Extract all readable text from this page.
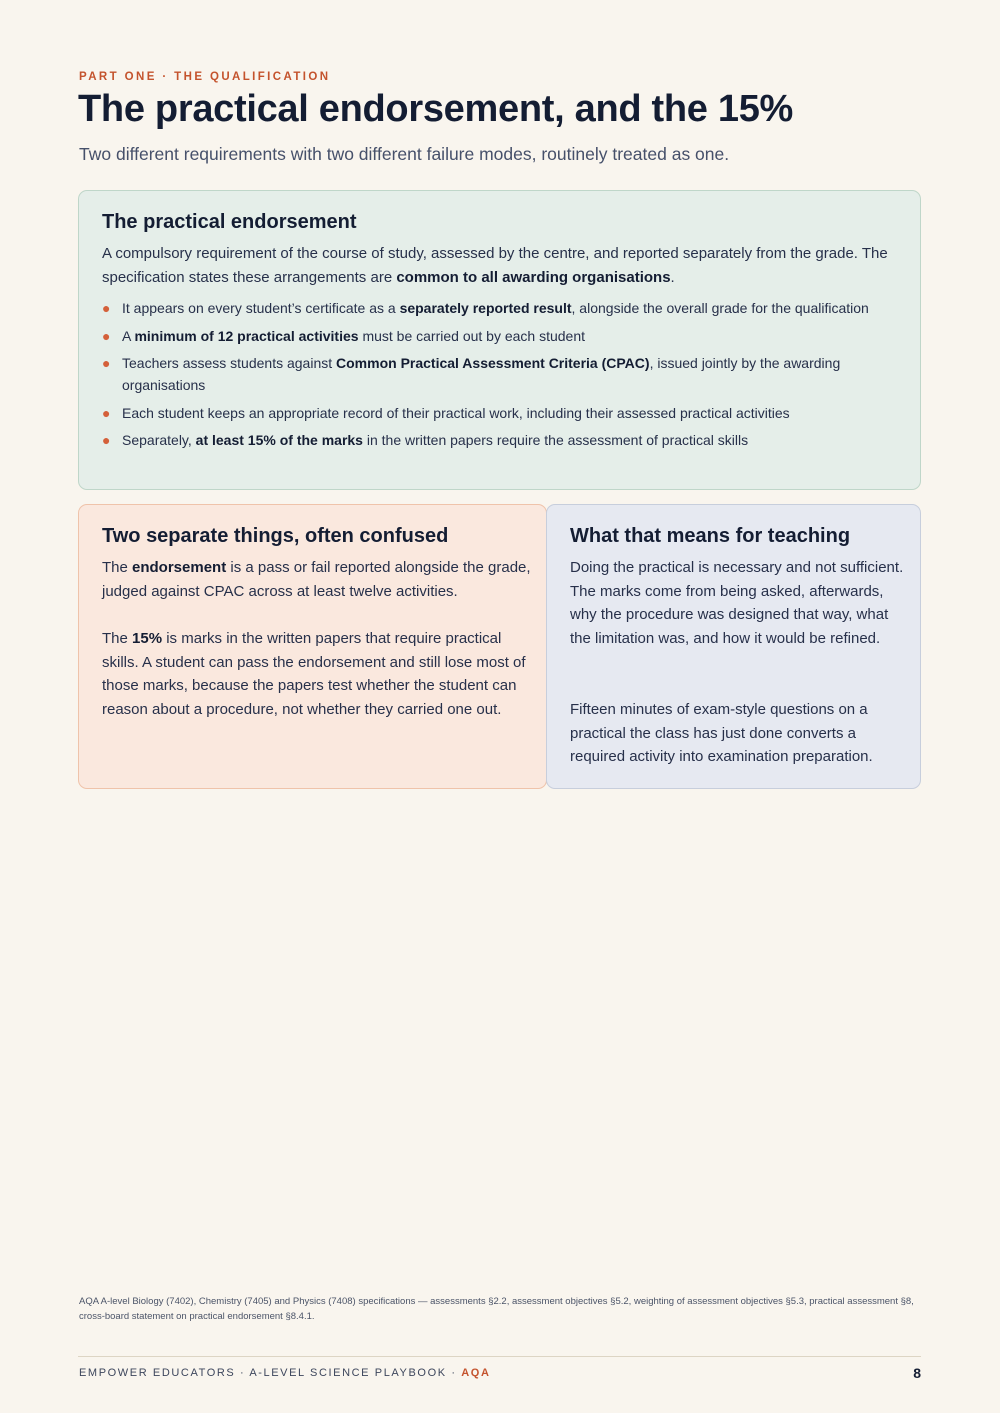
PART ONE · THE QUALIFICATION
The practical endorsement, and the 15%

Two different requirements with two different failure modes, routinely treated as one.

The practical endorsement

A compulsory requirement of the course of study, assessed by the centre, and reported separately from the grade. The specification states these arrangements are common to all awarding organisations.

● It appears on every student’s certificate as a separately reported result, alongside the overall grade for the qualification
● A minimum of 12 practical activities must be carried out by each student
● Teachers assess students against Common Practical Assessment Criteria (CPAC), issued jointly by the awarding organisations
● Each student keeps an appropriate record of their practical work, including their assessed practical activities
● Separately, at least 15% of the marks in the written papers require the assessment of practical skills
Two separate things, often confused

The endorsement is a pass or fail reported alongside the grade, judged against CPAC across at least twelve activities.

The 15% is marks in the written papers that require practical skills. A student can pass the endorsement and still lose most of those marks, because the papers test whether the student can reason about a procedure, not whether they carried one out.

What that means for teaching

Doing the practical is necessary and not sufficient. The marks come from being asked, afterwards, why the procedure was designed that way, what the limitation was, and how it would be refined.

Fifteen minutes of exam-style questions on a practical the class has just done converts a required activity into examination preparation.

AQA A-level Biology (7402), Chemistry (7405) and Physics (7408) specifications — assessments §2.2, assessment objectives §5.2, weighting of assessment objectives §5.3, practical assessment §8, cross-board statement on practical endorsement §8.4.1.

EMPOWER EDUCATORS · A-LEVEL SCIENCE PLAYBOOK · AQA	8
